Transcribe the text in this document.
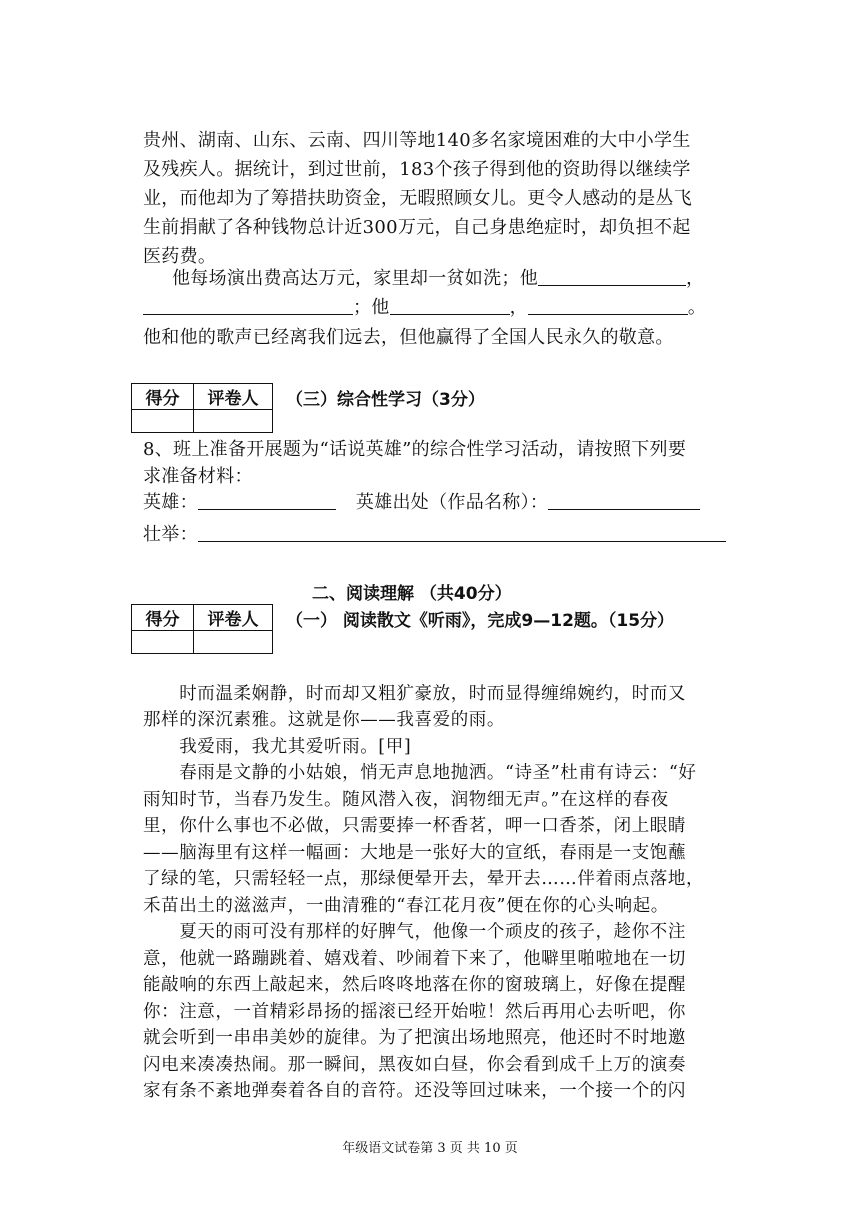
贵州、湖南、山东、云南、四川等地140多名家境困难的大中小学生
及残疾人。据统计，到过世前，183个孩子得到他的资助得以继续学
业，而他却为了筹措扶助资金，无暇照顾女儿。更令人感动的是丛飞
生前捐献了各种钱物总计近300万元，自己身患绝症时，却负担不起
医药费。
他每场演出费高达万元，家里却一贫如洗；他	，
；他	，	。
他和他的歌声已经离我们远去，但他赢得了全国人民永久的敬意。
得分	评卷人
	（三）综合性学习（3分）
8、班上准备开展题为“话说英雄”的综合性学习活动，请按照下列要
求准备材料：
英雄：	英雄出处（作品名称）：
壮举：
二、阅读理解 （共40分）
得分	评卷人
	（一） 阅读散文《听雨》，完成9—12题。（15分）
　　时而温柔娴静，时而却又粗犷豪放，时而显得缠绵婉约，时而又
那样的深沉素雅。这就是你——我喜爱的雨。
　　我爱雨，我尤其爱听雨。[甲]
　　春雨是文静的小姑娘，悄无声息地抛洒。“诗圣”杜甫有诗云：“好
雨知时节，当春乃发生。随风潜入夜，润物细无声。”在这样的春夜
里，你什么事也不必做，只需要捧一杯香茗，呷一口香茶，闭上眼睛
——脑海里有这样一幅画：大地是一张好大的宣纸，春雨是一支饱蘸
了绿的笔，只需轻轻一点，那绿便晕开去，晕开去……伴着雨点落地，
禾苗出土的滋滋声，一曲清雅的“春江花月夜”便在你的心头响起。
　　夏天的雨可没有那样的好脾气，他像一个顽皮的孩子，趁你不注
意，他就一路蹦跳着、嬉戏着、吵闹着下来了，他噼里啪啦地在一切
能敲响的东西上敲起来，然后咚咚地落在你的窗玻璃上，好像在提醒
你：注意，一首精彩昂扬的摇滚已经开始啦！然后再用心去听吧，你
就会听到一串串美妙的旋律。为了把演出场地照亮，他还时不时地邀
闪电来凑凑热闹。那一瞬间，黑夜如白昼，你会看到成千上万的演奏
家有条不紊地弹奏着各自的音符。还没等回过味来，一个接一个的闪
年级语文试卷第 3 页 共 10 页
